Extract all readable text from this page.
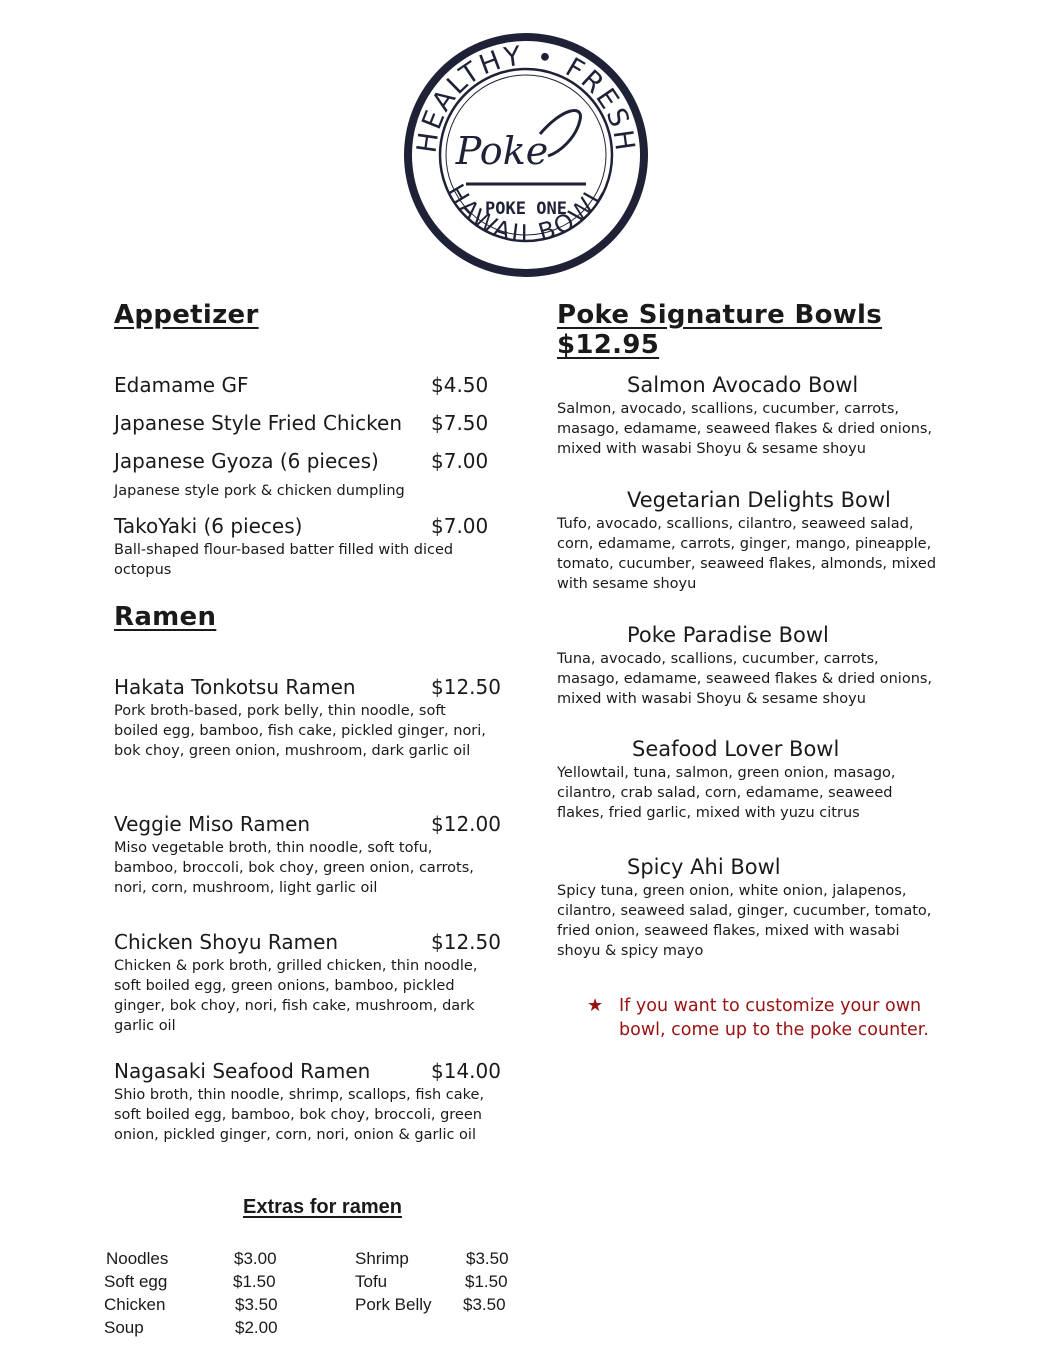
HEALTHY • FRESH
HAWAII BOWL
Poke
POKE ONE
Appetizer
Edamame GF	$4.50
Japanese Style Fried Chicken $7.50
Japanese Gyoza (6 pieces)	$7.00
Japanese style pork & chicken dumpling
TakoYaki (6 pieces)	$7.00
Ball-shaped flour-based batter filled with diced octopus
Ramen
Hakata Tonkotsu Ramen	$12.50
Pork broth-based, pork belly, thin noodle, soft boiled egg, bamboo, fish cake, pickled ginger, nori, bok choy, green onion, mushroom, dark garlic oil
Veggie Miso Ramen	$12.00
Miso vegetable broth, thin noodle, soft tofu, bamboo, broccoli, bok choy, green onion, carrots, nori, corn, mushroom, light garlic oil
Chicken Shoyu Ramen	$12.50
Chicken & pork broth, grilled chicken, thin noodle, soft boiled egg, green onions, bamboo, pickled ginger, bok choy, nori, fish cake, mushroom, dark garlic oil
Nagasaki Seafood Ramen	$14.00
Shio broth, thin noodle, shrimp, scallops, fish cake, soft boiled egg, bamboo, bok choy, broccoli, green onion, pickled ginger, corn, nori, onion & garlic oil
Poke Signature Bowls $12.95
Salmon Avocado Bowl
Salmon, avocado, scallions, cucumber, carrots, masago, edamame, seaweed flakes & dried onions, mixed with wasabi Shoyu & sesame shoyu
Vegetarian Delights Bowl
Tufo, avocado, scallions, cilantro, seaweed salad, corn, edamame, carrots, ginger, mango, pineapple, tomato, cucumber, seaweed flakes, almonds, mixed with sesame shoyu
Poke Paradise Bowl
Tuna, avocado, scallions, cucumber, carrots, masago, edamame, seaweed flakes & dried onions, mixed with wasabi Shoyu & sesame shoyu
Seafood Lover Bowl
Yellowtail, tuna, salmon, green onion, masago, cilantro, crab salad, corn, edamame, seaweed flakes, fried garlic, mixed with yuzu citrus
Spicy Ahi Bowl
Spicy tuna, green onion, white onion, jalapenos, cilantro, seaweed salad, ginger, cucumber, tomato, fried onion, seaweed flakes, mixed with wasabi shoyu & spicy mayo
★ If you want to customize your own bowl, come up to the poke counter.
Extras for ramen
Noodles	$3.00
Soft egg	$1.50
Chicken	$3.50
Soup	$2.00
Shrimp	$3.50
Tofu	$1.50
Pork Belly $3.50
